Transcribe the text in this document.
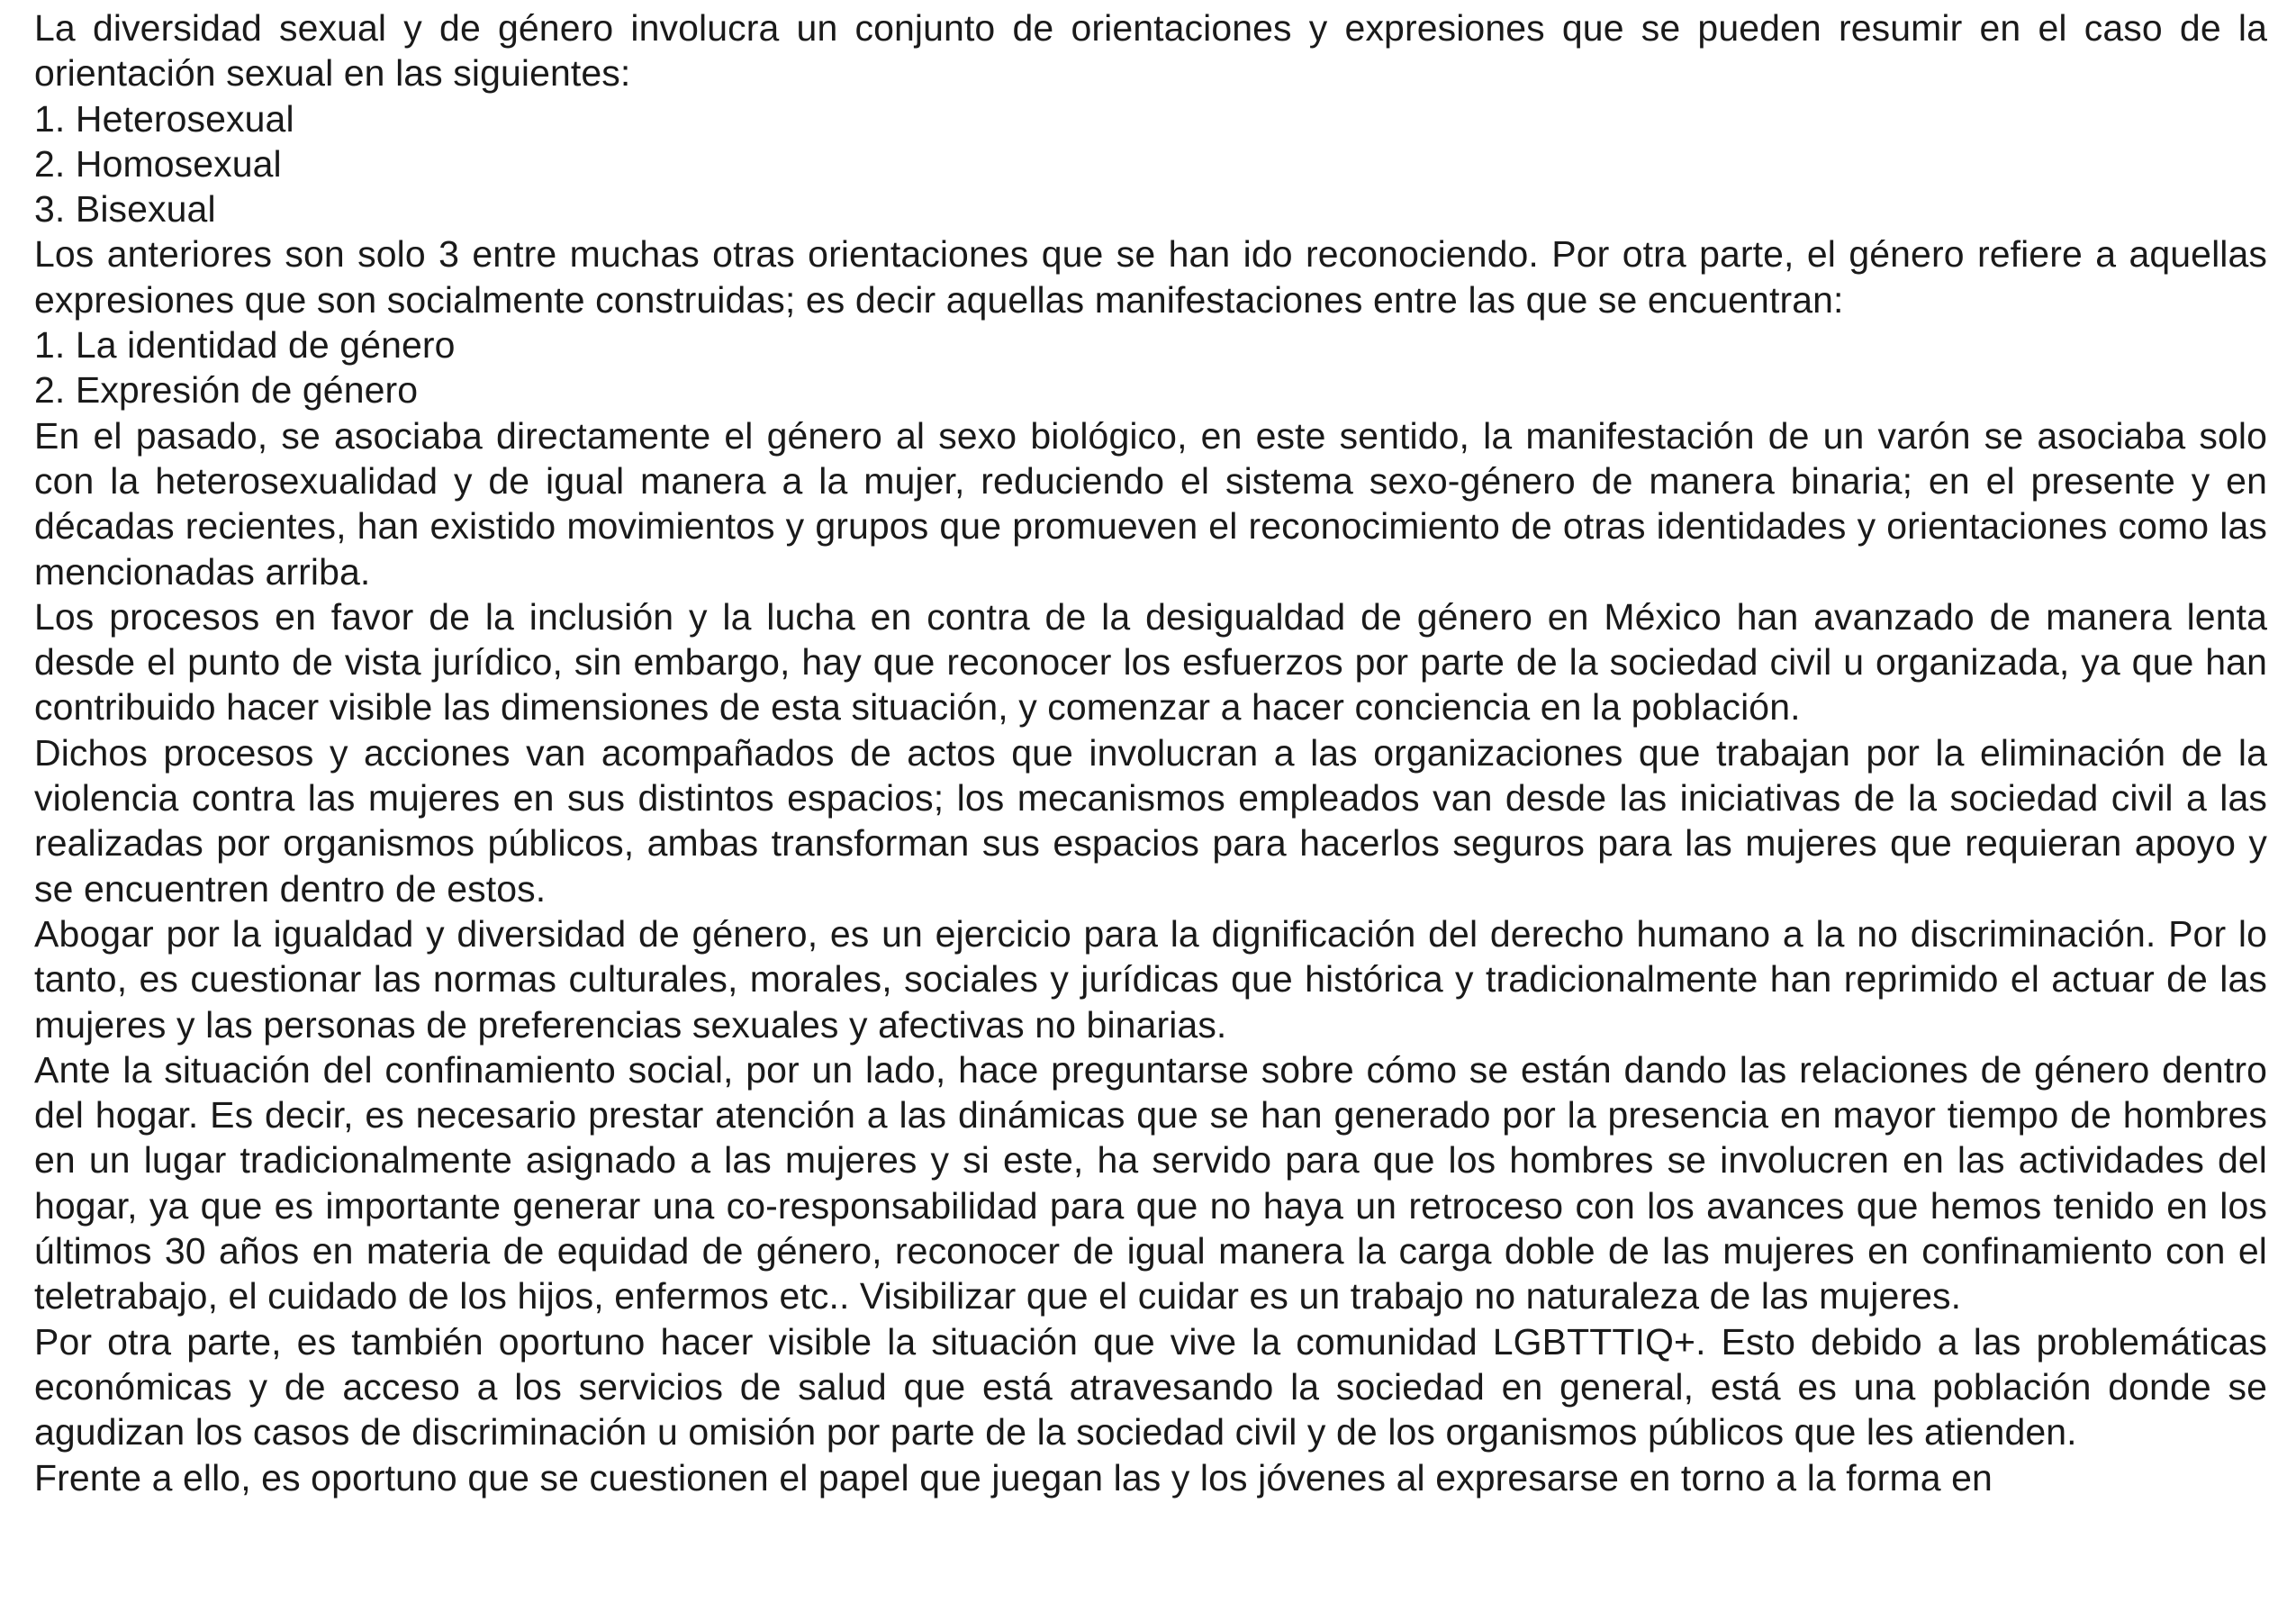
La diversidad sexual y de género involucra un conjunto de orientaciones y expresiones que se pueden resumir en el caso de la orientación sexual en las siguientes:

1. Heterosexual

2. Homosexual

3. Bisexual

Los anteriores son solo 3 entre muchas otras orientaciones que se han ido reconociendo. Por otra parte, el género refiere a aquellas expresiones que son socialmente construidas; es decir aquellas manifestaciones entre las que se encuentran:

1. La identidad de género

2. Expresión de género

En el pasado, se asociaba directamente el género al sexo biológico, en este sentido, la manifestación de un varón se asociaba solo con la heterosexualidad y de igual manera a la mujer, reduciendo el sistema sexo-género de manera binaria; en el presente y en décadas recientes, han existido movimientos y grupos que promueven el reconocimiento de otras identidades y orientaciones como las mencionadas arriba.

Los procesos en favor de la inclusión y la lucha en contra de la desigualdad de género en México han avanzado de manera lenta desde el punto de vista jurídico, sin embargo, hay que reconocer los esfuerzos por parte de la sociedad civil u organizada, ya que han contribuido hacer visible las dimensiones de esta situación, y comenzar a hacer conciencia en la población.

Dichos procesos y acciones van acompañados de actos que involucran a las organizaciones que trabajan por la eliminación de la violencia contra las mujeres en sus distintos espacios; los mecanismos empleados van desde las iniciativas de la sociedad civil a las realizadas por organismos públicos, ambas transforman sus espacios para hacerlos seguros para las mujeres que requieran apoyo y se encuentren dentro de estos.

Abogar por la igualdad y diversidad de género, es un ejercicio para la dignificación del derecho humano a la no discriminación. Por lo tanto, es cuestionar las normas culturales, morales, sociales y jurídicas que histórica y tradicionalmente han reprimido el actuar de las mujeres y las personas de preferencias sexuales y afectivas no binarias.

Ante la situación del confinamiento social, por un lado, hace preguntarse sobre cómo se están dando las relaciones de género dentro del hogar. Es decir, es necesario prestar atención a las dinámicas que se han generado por la presencia en mayor tiempo de hombres en un lugar tradicionalmente asignado a las mujeres y si este, ha servido para que los hombres se involucren en las actividades del hogar, ya que es importante generar una co-responsabilidad para que no haya un retroceso con los avances que hemos tenido en los últimos 30 años en materia de equidad de género, reconocer de igual manera la carga doble de las mujeres en confinamiento con el teletrabajo, el cuidado de los hijos, enfermos etc.. Visibilizar que el cuidar es un trabajo no naturaleza de las mujeres.

Por otra parte, es también oportuno hacer visible la situación que vive la comunidad LGBTTTIQ+. Esto debido a las problemáticas económicas y de acceso a los servicios de salud que está atravesando la sociedad en general, está es una población donde se agudizan los casos de discriminación u omisión por parte de la sociedad civil y de los organismos públicos que les atienden.

Frente a ello, es oportuno que se cuestionen el papel que juegan las y los jóvenes al expresarse en torno a la forma en
